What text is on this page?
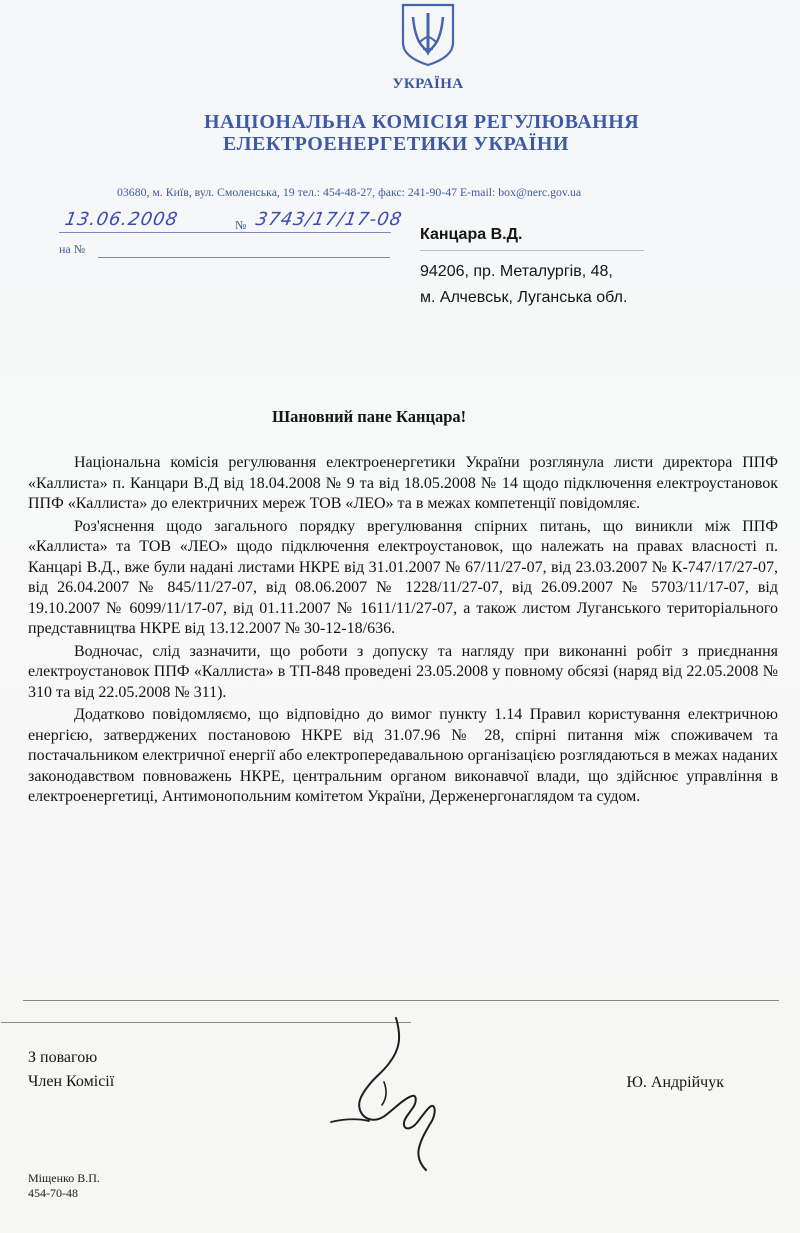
УКРАЇНА
НАЦІОНАЛЬНА КОМІСІЯ РЕГУЛЮВАННЯ
ЕЛЕКТРОЕНЕРГЕТИКИ УКРАЇНИ
03680, м. Київ, вул. Смоленська, 19 тел.: 454-48-27, факс: 241-90-47 E-mail: box@nerc.gov.ua
13.06.2008	№ 3743/17/17-08
на №
Канцара В.Д.
94206, пр. Металургів, 48,
м. Алчевськ, Луганська обл.
Шановний пане Канцара!

Національна комісія регулювання електроенергетики України розглянула листи директора ППФ «Каллиста» п. Канцари В.Д від 18.04.2008 № 9 та від 18.05.2008 № 14 щодо підключення електроустановок ППФ «Каллиста» до електричних мереж ТОВ «ЛЕО» та в межах компетенції повідомляє.

Роз'яснення щодо загального порядку врегулювання спірних питань, що виникли між ППФ «Каллиста» та ТОВ «ЛЕО» щодо підключення електроустановок, що належать на правах власності п. Канцарі В.Д., вже були надані листами НКРЕ від 31.01.2007 № 67/11/27-07, від 23.03.2007 № К-747/17/27-07, від 26.04.2007 № 845/11/27-07, від 08.06.2007 № 1228/11/27-07, від 26.09.2007 № 5703/11/17-07, від 19.10.2007 № 6099/11/17-07, від 01.11.2007 № 1611/11/27-07, а також листом Луганського територіального представництва НКРЕ від 13.12.2007 № 30-12-18/636.

Водночас, слід зазначити, що роботи з допуску та нагляду при виконанні робіт з приєднання електроустановок ППФ «Каллиста» в ТП-848 проведені 23.05.2008 у повному обсязі (наряд від 22.05.2008 № 310 та від 22.05.2008 № 311).

Додатково повідомляємо, що відповідно до вимог пункту 1.14 Правил користування електричною енергією, затверджених постановою НКРЕ від 31.07.96 № 28, спірні питання між споживачем та постачальником електричної енергії або електропередавальною організацією розглядаються в межах наданих законодавством повноважень НКРЕ, центральним органом виконавчої влади, що здійснює управління в електроенергетиці, Антимонопольним комітетом України, Держенергонаглядом та судом.

З повагою
Член Комісії	Ю. Андрійчук
Міщенко В.П.
454-70-48
